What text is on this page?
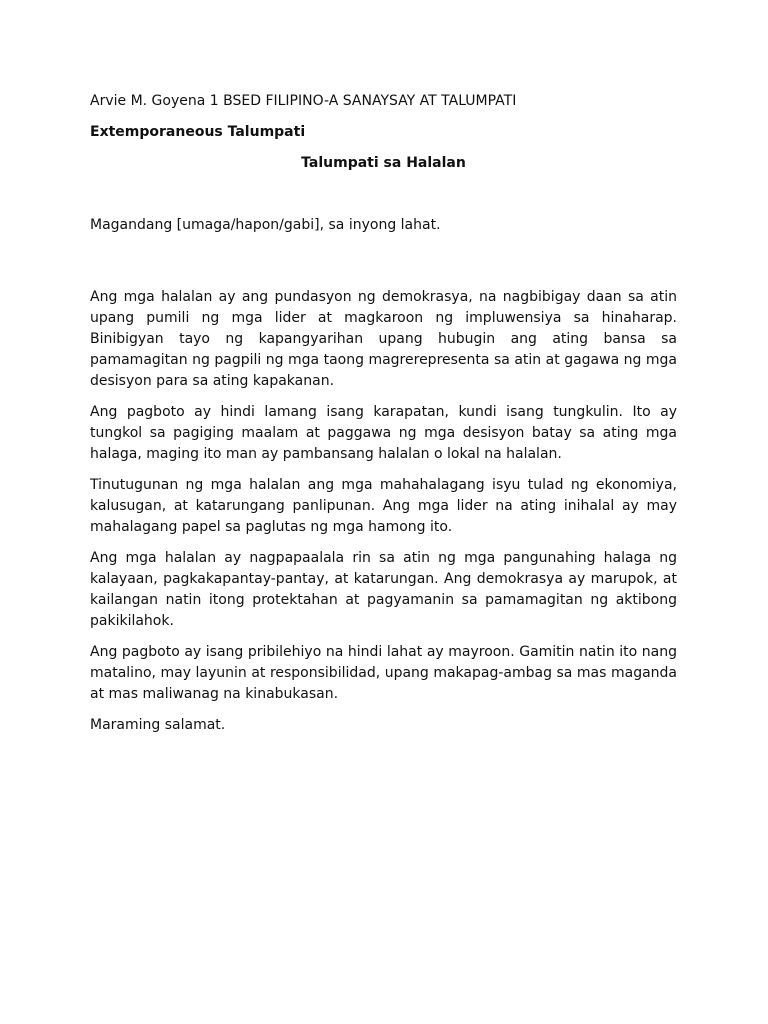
Arvie M. Goyena 1 BSED FILIPINO-A SANAYSAY AT TALUMPATI

Extemporaneous Talumpati

Talumpati sa Halalan

Magandang [umaga/hapon/gabi], sa inyong lahat.

Ang mga halalan ay ang pundasyon ng demokrasya, na nagbibigay daan sa atin upang pumili ng mga lider at magkaroon ng impluwensiya sa hinaharap. Binibigyan tayo ng kapangyarihan upang hubugin ang ating bansa sa pamamagitan ng pagpili ng mga taong magrerepresenta sa atin at gagawa ng mga desisyon para sa ating kapakanan.

Ang pagboto ay hindi lamang isang karapatan, kundi isang tungkulin. Ito ay tungkol sa pagiging maalam at paggawa ng mga desisyon batay sa ating mga halaga, maging ito man ay pambansang halalan o lokal na halalan.

Tinutugunan ng mga halalan ang mga mahahalagang isyu tulad ng ekonomiya, kalusugan, at katarungang panlipunan. Ang mga lider na ating inihalal ay may mahalagang papel sa paglutas ng mga hamong ito.

Ang mga halalan ay nagpapaalala rin sa atin ng mga pangunahing halaga ng kalayaan, pagkakapantay-pantay, at katarungan. Ang demokrasya ay marupok, at kailangan natin itong protektahan at pagyamanin sa pamamagitan ng aktibong pakikilahok.

Ang pagboto ay isang pribilehiyo na hindi lahat ay mayroon. Gamitin natin ito nang matalino, may layunin at responsibilidad, upang makapag-ambag sa mas maganda at mas maliwanag na kinabukasan.

Maraming salamat.
